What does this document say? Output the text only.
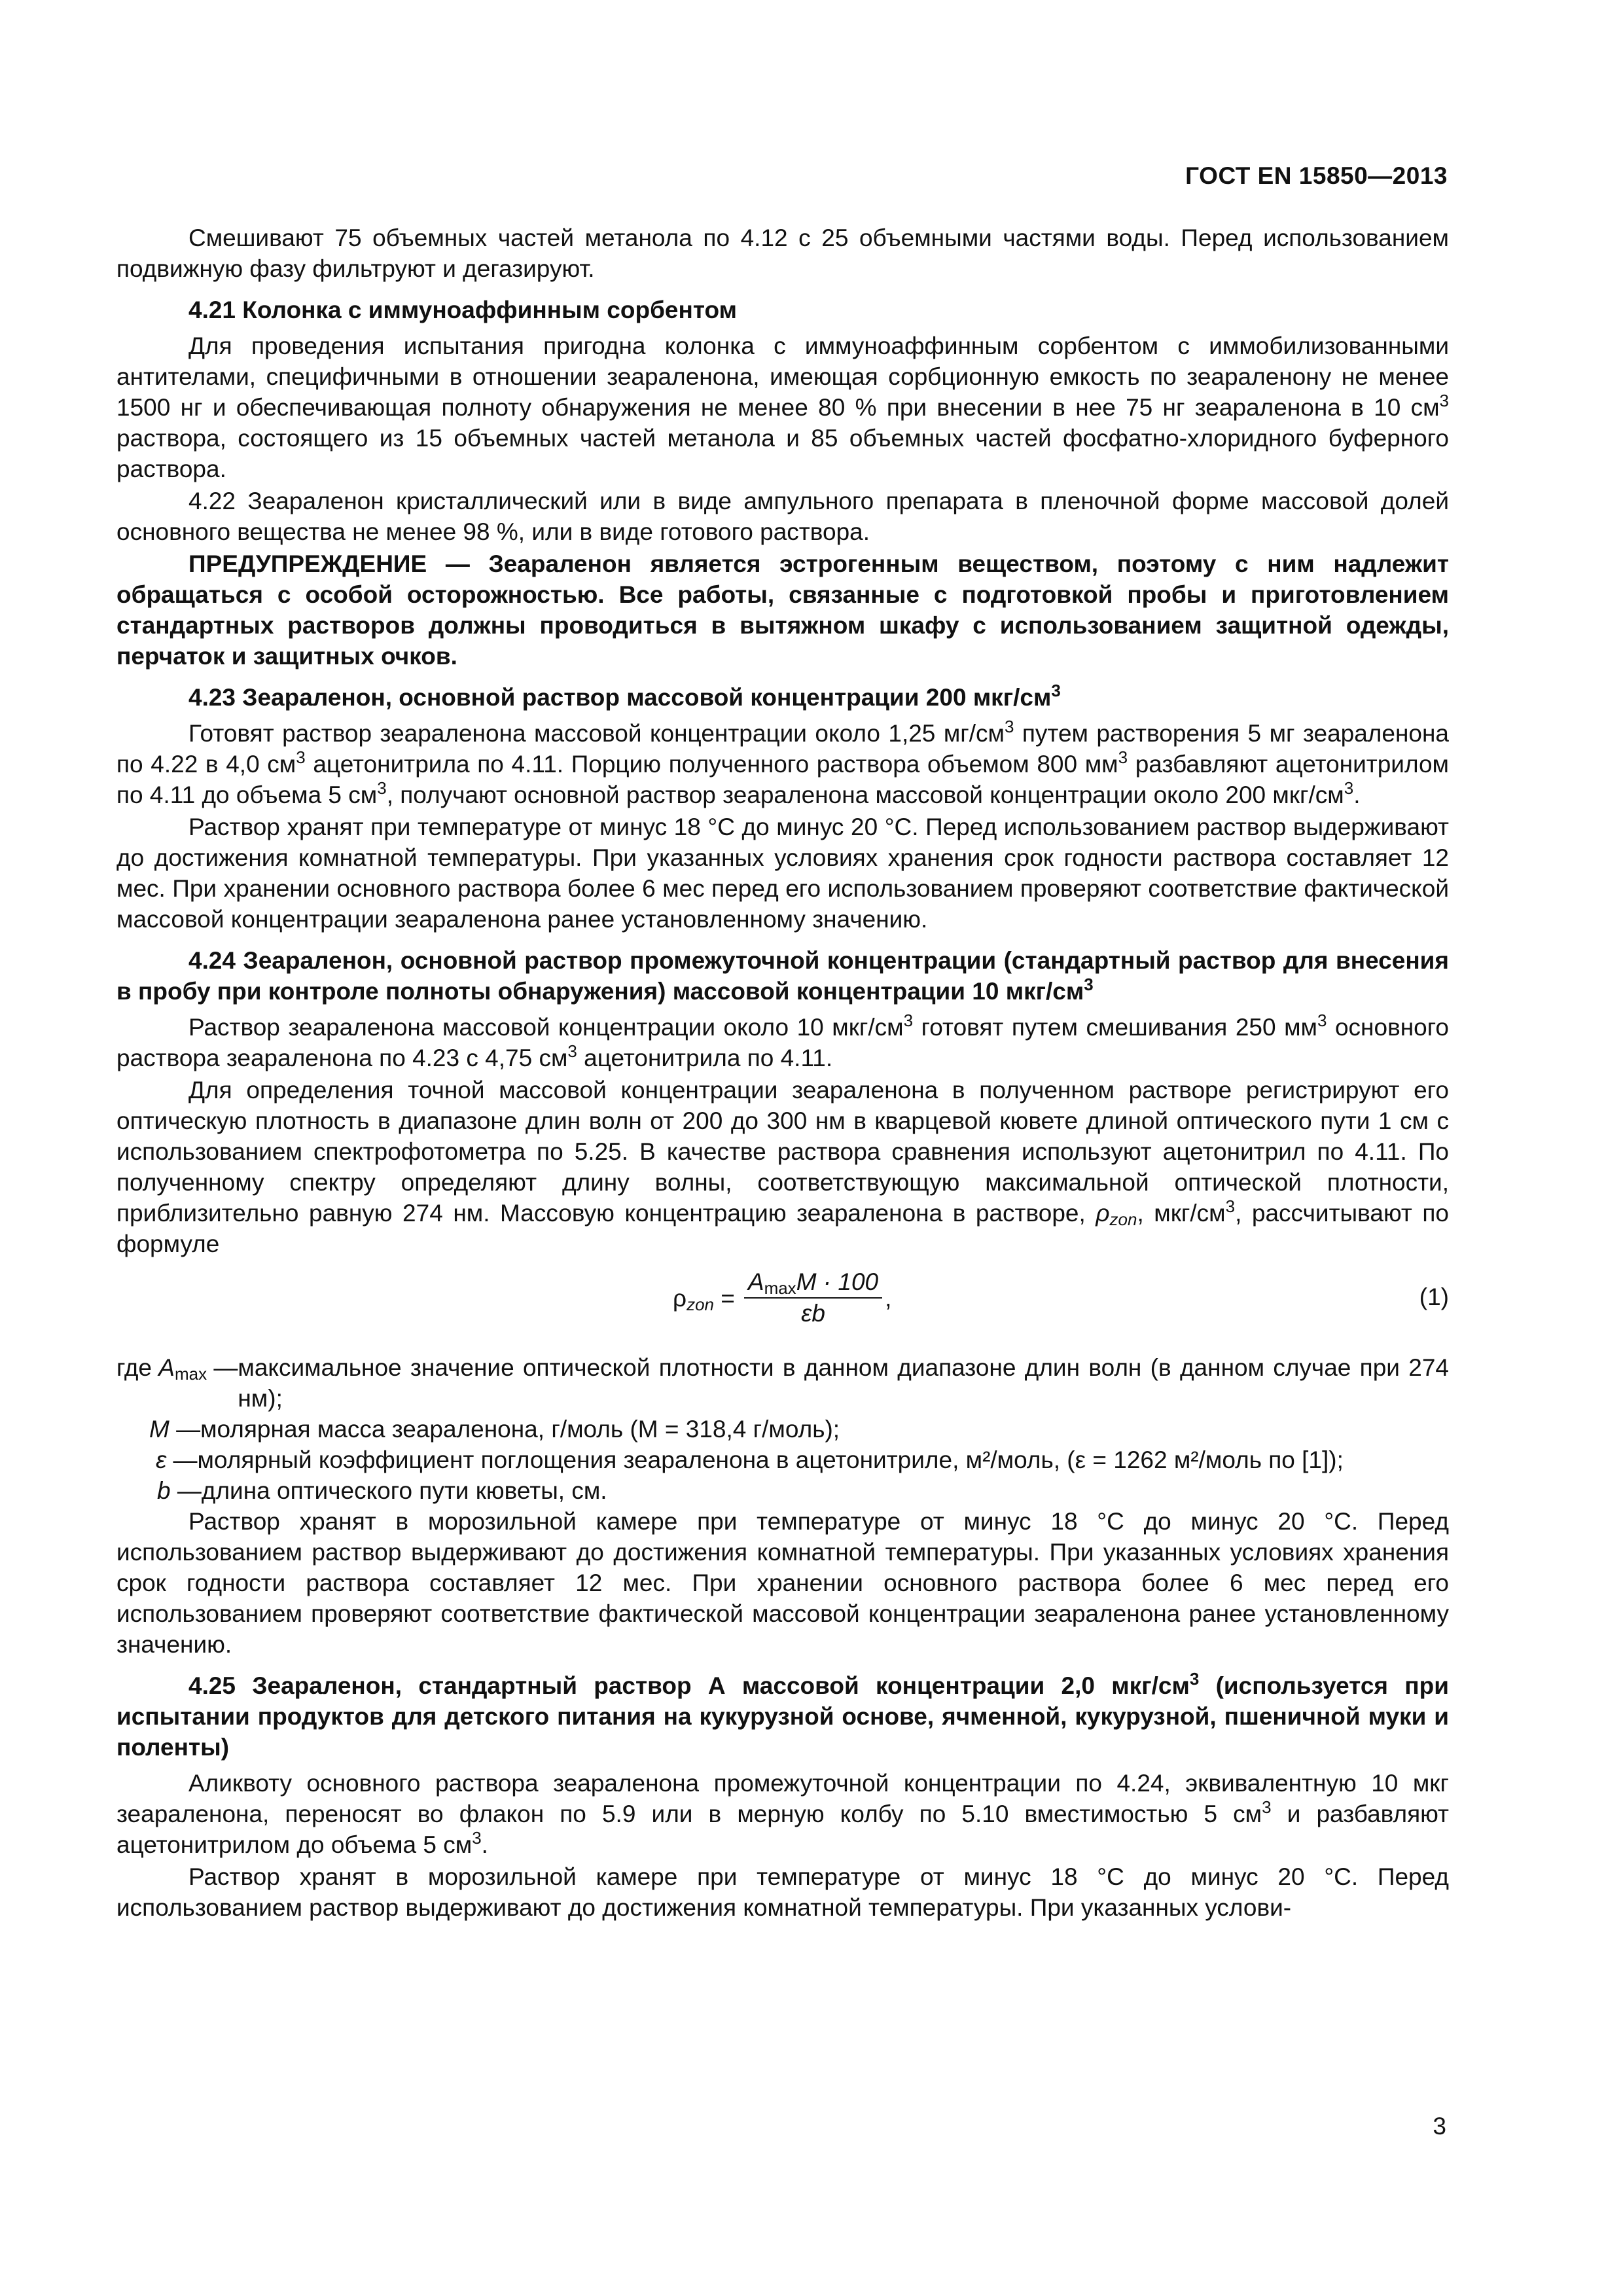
ГОСТ EN 15850—2013

Смешивают 75 объемных частей метанола по 4.12 с 25 объемными частями воды. Перед использованием подвижную фазу фильтруют и дегазируют.

4.21 Колонка с иммуноаффинным сорбентом

Для проведения испытания пригодна колонка с иммуноаффинным сорбентом с иммобилизованными антителами, специфичными в отношении зеараленона, имеющая сорбционную емкость по зеараленону не менее 1500 нг и обеспечивающая полноту обнаружения не менее 80 % при внесении в нее 75 нг зеараленона в 10 $см^3$ раствора, состоящего из 15 объемных частей метанола и 85 объемных частей фосфатно-хлоридного буферного раствора.

4.22 Зеараленон кристаллический или в виде ампульного препарата в пленочной форме массовой долей основного вещества не менее 98 %, или в виде готового раствора.

ПРЕДУПРЕЖДЕНИЕ — Зеараленон является эстрогенным веществом, поэтому с ним надлежит обращаться с особой осторожностью. Все работы, связанные с подготовкой пробы и приготовлением стандартных растворов должны проводиться в вытяжном шкафу с использованием защитной одежды, перчаток и защитных очков.

4.23 Зеараленон, основной раствор массовой концентрации 200 мкг/$см^3$

Готовят раствор зеараленона массовой концентрации около 1,25 $мг/см^3$ путем растворения 5 мг зеараленона по 4.22 в 4,0 $см^3$ ацетонитрила по 4.11. Порцию полученного раствора объемом 800 $мм^3$ разбавляют ацетонитрилом по 4.11 до объема 5 $см^3$, получают основной раствор зеараленона массовой концентрации около 200 мкг/$см^3$.

Раствор хранят при температуре от минус 18 °С до минус 20 °С. Перед использованием раствор выдерживают до достижения комнатной температуры. При указанных условиях хранения срок годности раствора составляет 12 мес. При хранении основного раствора более 6 мес перед его использованием проверяют соответствие фактической массовой концентрации зеараленона ранее установленному значению.

4.24 Зеараленон, основной раствор промежуточной концентрации (стандартный раствор для внесения в пробу при контроле полноты обнаружения) массовой концентрации 10 мкг/$см^3$

Раствор зеараленона массовой концентрации около 10 мкг/$см^3$ готовят путем смешивания 250 $мм^3$ основного раствора зеараленона по 4.23 с 4,75 $см^3$ ацетонитрила по 4.11.

Для определения точной массовой концентрации зеараленона в полученном растворе регистрируют его оптическую плотность в диапазоне длин волн от 200 до 300 нм в кварцевой кювете длиной оптического пути 1 см с использованием спектрофотометра по 5.25. В качестве раствора сравнения используют ацетонитрил по 4.11. По полученному спектру определяют длину волны, соответствующую максимальной оптической плотности, приблизительно равную 274 нм. Массовую концентрацию зеараленона в растворе, $\rho_{zon}$, мкг/$см^3$, рассчитывают по формуле

$\rho_{zon} = \frac{A_{max}M \cdot 100}{\varepsilon b}$ ,	(1)
где $A_{max}$ — максимальное значение оптической плотности в данном диапазоне длин волн (в данном случае при 274 нм);
M — молярная масса зеараленона, г/моль (M = 318,4 г/моль);
ε — молярный коэффициент поглощения зеараленона в ацетонитриле, м²/моль, (ε = 1262 м²/моль по [1]);
b — длина оптического пути кюветы, см.

Раствор хранят в морозильной камере при температуре от минус 18 °С до минус 20 °С. Перед использованием раствор выдерживают до достижения комнатной температуры. При указанных условиях хранения срок годности раствора составляет 12 мес. При хранении основного раствора более 6 мес перед его использованием проверяют соответствие фактической массовой концентрации зеараленона ранее установленному значению.

4.25 Зеараленон, стандартный раствор А массовой концентрации 2,0 мкг/$см^3$ (используется при испытании продуктов для детского питания на кукурузной основе, ячменной, кукурузной, пшеничной муки и поленты)

Аликвоту основного раствора зеараленона промежуточной концентрации по 4.24, эквивалентную 10 мкг зеараленона, переносят во флакон по 5.9 или в мерную колбу по 5.10 вместимостью 5 $см^3$ и разбавляют ацетонитрилом до объема 5 $см^3$.

Раствор хранят в морозильной камере при температуре от минус 18 °С до минус 20 °С. Перед использованием раствор выдерживают до достижения комнатной температуры. При указанных услови-

3
